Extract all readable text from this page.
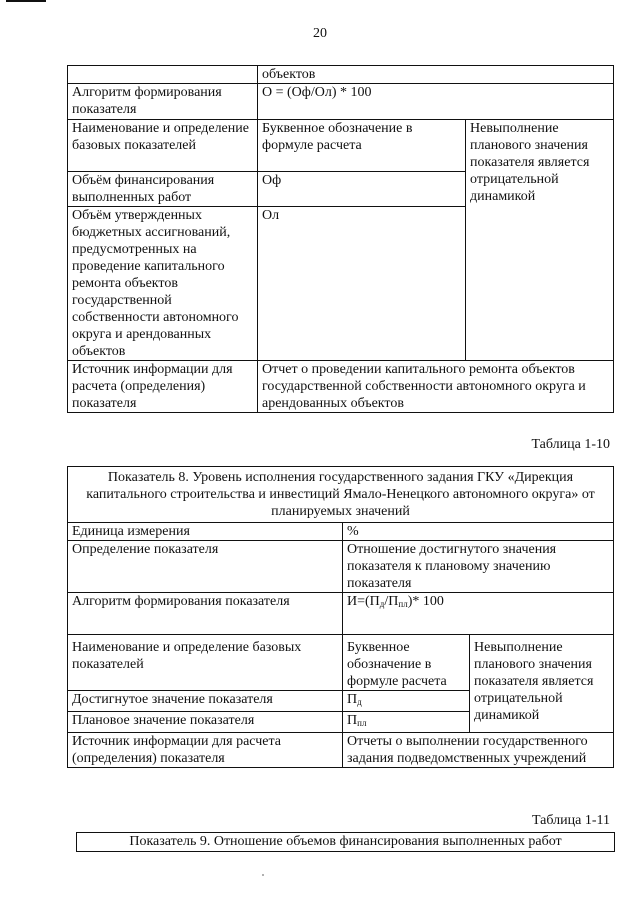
20
	объектов	
Алгоритм формирования показателя	О = (Оф/Ол) * 100	
Наименование и определение базовых показателей	Буквенное обозначение в формуле расчета	Невыполнение планового значения показателя является отрицательной динамикой
Объём финансирования выполненных работ	Оф	
Объём утвержденных бюджетных ассигнований, предусмотренных на проведение капитального ремонта объектов государственной собственности автономного округа и арендованных объектов	Ол	
Источник информации для расчета (определения) показателя	Отчет о проведении капитального ремонта объектов государственной собственности автономного округа и арендованных объектов	
Таблица 1-10
Показатель 8. Уровень исполнения государственного задания ГКУ «Дирекция капитального строительства и инвестиций Ямало-Ненецкого автономного округа» от планируемых значений		
Единица измерения	%	
Определение показателя	Отношение достигнутого значения показателя к плановому значению показателя	
Алгоритм формирования показателя	$И=(П_д/П_{пл})*$ 100	
Наименование и определение базовых показателей	Буквенное обозначение в формуле расчета	Невыполнение планового значения показателя является отрицательной динамикой
Достигнутое значение показателя	$П_д$
Плановое значение показателя	$П_{пл}$
Источник информации для расчета (определения) показателя	Отчеты о выполнении государственного задания подведомственных учреждений	
Таблица 1-11
Показатель 9. Отношение объемов финансирования выполненных работ
